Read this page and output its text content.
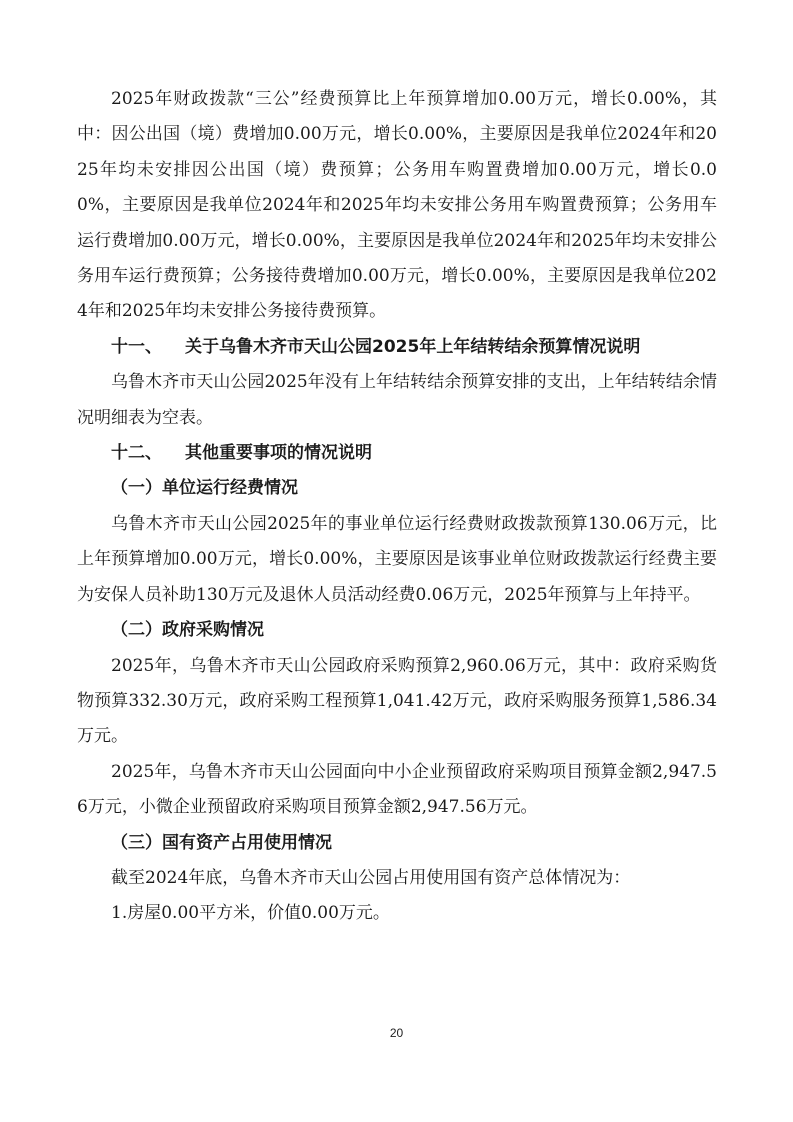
2025年财政拨款“三公”经费预算比上年预算增加0.00万元，增长0.00%，其中：因公出国（境）费增加0.00万元，增长0.00%，主要原因是我单位2024年和2025年均未安排因公出国（境）费预算；公务用车购置费增加0.00万元，增长0.00%，主要原因是我单位2024年和2025年均未安排公务用车购置费预算；公务用车运行费增加0.00万元，增长0.00%，主要原因是我单位2024年和2025年均未安排公务用车运行费预算；公务接待费增加0.00万元，增长0.00%，主要原因是我单位2024年和2025年均未安排公务接待费预算。

十一、 关于乌鲁木齐市天山公园2025年上年结转结余预算情况说明

乌鲁木齐市天山公园2025年没有上年结转结余预算安排的支出，上年结转结余情况明细表为空表。

十二、 其他重要事项的情况说明

（一）单位运行经费情况

乌鲁木齐市天山公园2025年的事业单位运行经费财政拨款预算130.06万元，比上年预算增加0.00万元，增长0.00%，主要原因是该事业单位财政拨款运行经费主要为安保人员补助130万元及退休人员活动经费0.06万元，2025年预算与上年持平。

（二）政府采购情况

2025年，乌鲁木齐市天山公园政府采购预算2,960.06万元，其中：政府采购货物预算332.30万元，政府采购工程预算1,041.42万元，政府采购服务预算1,586.34万元。

2025年，乌鲁木齐市天山公园面向中小企业预留政府采购项目预算金额2,947.56万元，小微企业预留政府采购项目预算金额2,947.56万元。

（三）国有资产占用使用情况

截至2024年底，乌鲁木齐市天山公园占用使用国有资产总体情况为：

1.房屋0.00平方米，价值0.00万元。

20
